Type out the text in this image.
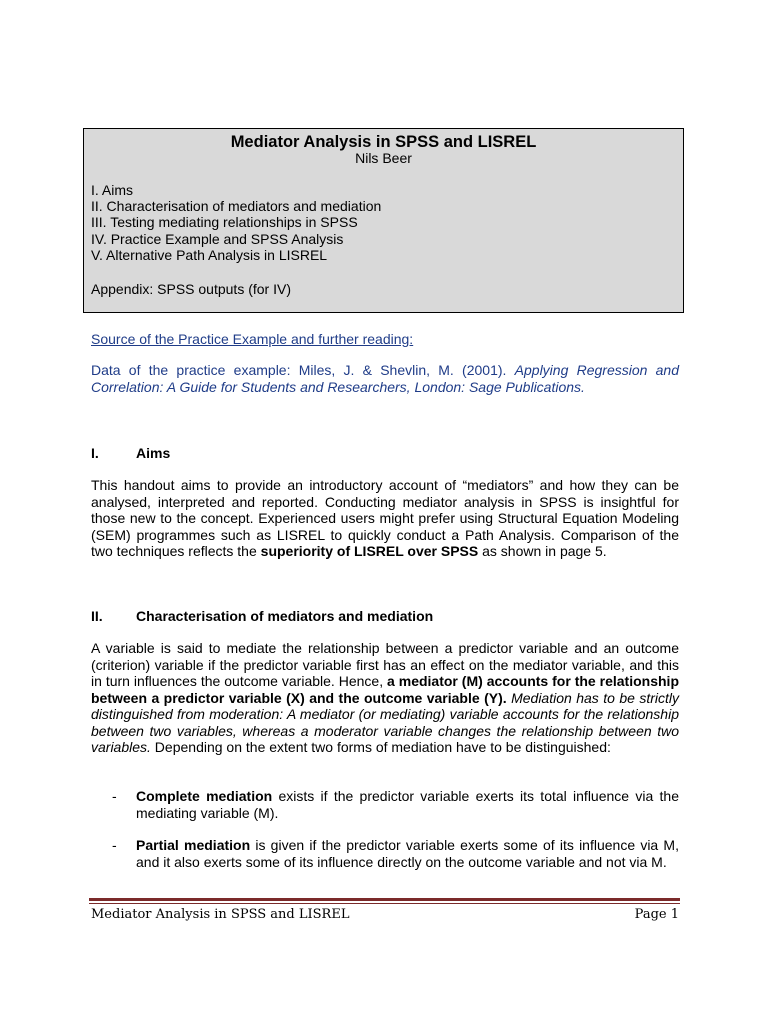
Mediator Analysis in SPSS and LISREL
Nils Beer
I. Aims
II. Characterisation of mediators and mediation
III. Testing mediating relationships in SPSS
IV. Practice Example and SPSS Analysis
V. Alternative Path Analysis in LISREL
Appendix: SPSS outputs (for IV)
Source of the Practice Example and further reading:
Data of the practice example: Miles, J. & Shevlin, M. (2001). Applying Regression and Correlation: A Guide for Students and Researchers, London: Sage Publications.
I.	Aims
This handout aims to provide an introductory account of “mediators” and how they can be analysed, interpreted and reported. Conducting mediator analysis in SPSS is insightful for those new to the concept. Experienced users might prefer using Structural Equation Modeling (SEM) programmes such as LISREL to quickly conduct a Path Analysis. Comparison of the two techniques reflects the superiority of LISREL over SPSS as shown in page 5.
II. Characterisation of mediators and mediation
A variable is said to mediate the relationship between a predictor variable and an outcome (criterion) variable if the predictor variable first has an effect on the mediator variable, and this in turn influences the outcome variable. Hence, a mediator (M) accounts for the relationship between a predictor variable (X) and the outcome variable (Y). Mediation has to be strictly distinguished from moderation: A mediator (or mediating) variable accounts for the relationship between two variables, whereas a moderator variable changes the relationship between two variables. Depending on the extent two forms of mediation have to be distinguished:
- Complete mediation exists if the predictor variable exerts its total influence via the mediating variable (M).
- Partial mediation is given if the predictor variable exerts some of its influence via M, and it also exerts some of its influence directly on the outcome variable and not via M.
Mediator Analysis in SPSS and LISREL	Page 1
